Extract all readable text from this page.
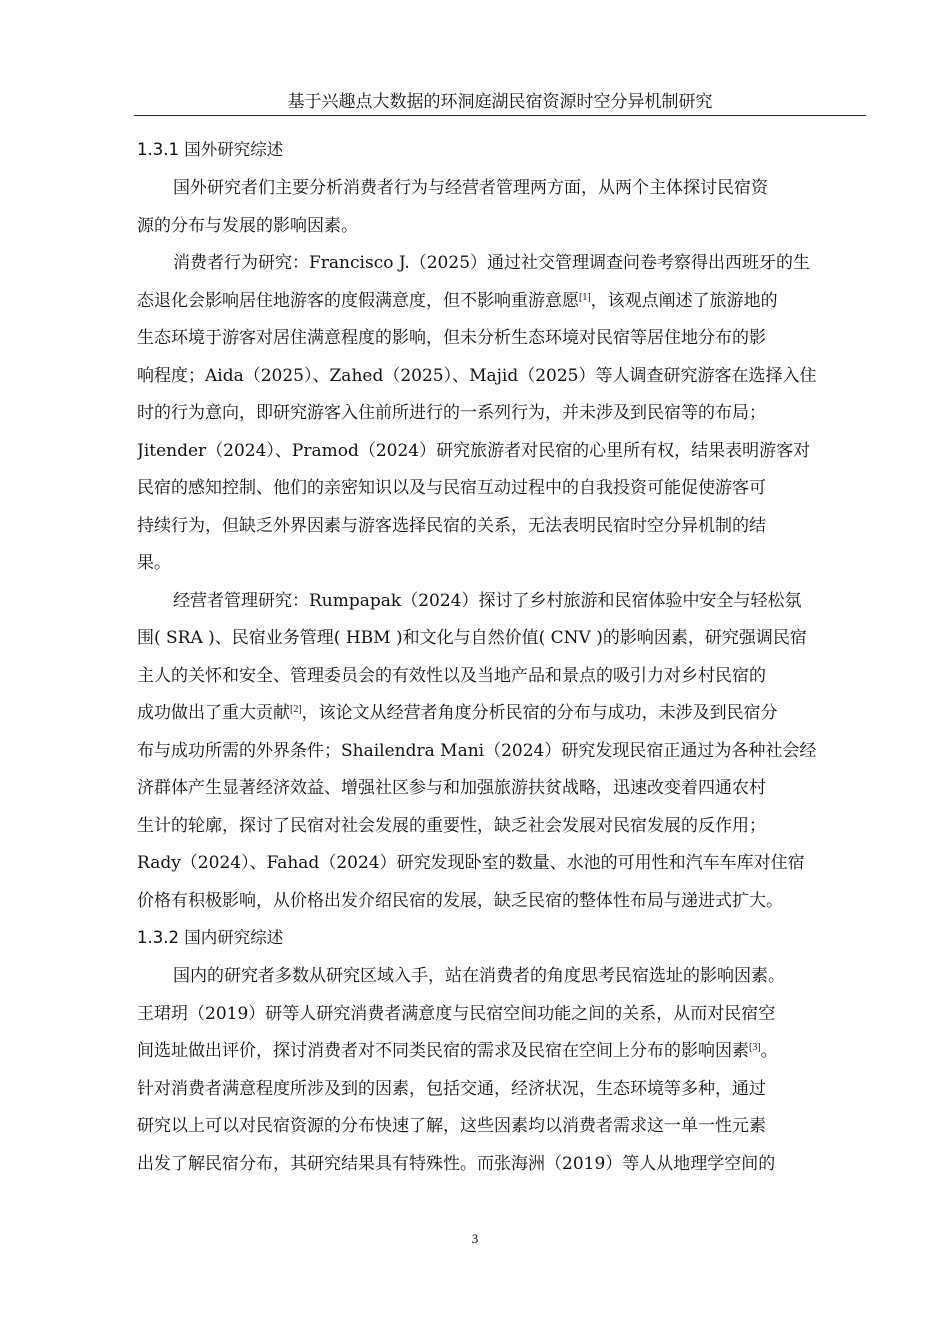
基于兴趣点大数据的环洞庭湖民宿资源时空分异机制研究
1.3.1 国外研究综述
国外研究者们主要分析消费者行为与经营者管理两方面，从两个主体探讨民宿资
源的分布与发展的影响因素。
消费者行为研究：Francisco J.（2025）通过社交管理调查问卷考察得出西班牙的生
态退化会影响居住地游客的度假满意度，但不影响重游意愿[1]，该观点阐述了旅游地的
生态环境于游客对居住满意程度的影响，但未分析生态环境对民宿等居住地分布的影
响程度；Aida（2025）、Zahed（2025）、Majid（2025）等人调查研究游客在选择入住
时的行为意向，即研究游客入住前所进行的一系列行为，并未涉及到民宿等的布局；
Jitender（2024）、Pramod（2024）研究旅游者对民宿的心里所有权，结果表明游客对
民宿的感知控制、他们的亲密知识以及与民宿互动过程中的自我投资可能促使游客可
持续行为，但缺乏外界因素与游客选择民宿的关系，无法表明民宿时空分异机制的结
果。
经营者管理研究：Rumpapak（2024）探讨了乡村旅游和民宿体验中安全与轻松氛
围( SRA )、民宿业务管理( HBM )和文化与自然价值( CNV )的影响因素，研究强调民宿
主人的关怀和安全、管理委员会的有效性以及当地产品和景点的吸引力对乡村民宿的
成功做出了重大贡献[2]，该论文从经营者角度分析民宿的分布与成功，未涉及到民宿分
布与成功所需的外界条件；Shailendra Mani（2024）研究发现民宿正通过为各种社会经
济群体产生显著经济效益、增强社区参与和加强旅游扶贫战略，迅速改变着四通农村
生计的轮廓，探讨了民宿对社会发展的重要性，缺乏社会发展对民宿发展的反作用；
Rady（2024）、Fahad（2024）研究发现卧室的数量、水池的可用性和汽车车库对住宿
价格有积极影响，从价格出发介绍民宿的发展，缺乏民宿的整体性布局与递进式扩大。
1.3.2 国内研究综述
国内的研究者多数从研究区域入手，站在消费者的角度思考民宿选址的影响因素。
王珺玥（2019）研等人研究消费者满意度与民宿空间功能之间的关系，从而对民宿空
间选址做出评价，探讨消费者对不同类民宿的需求及民宿在空间上分布的影响因素[3]。
针对消费者满意程度所涉及到的因素，包括交通，经济状况，生态环境等多种，通过
研究以上可以对民宿资源的分布快速了解，这些因素均以消费者需求这一单一性元素
出发了解民宿分布，其研究结果具有特殊性。而张海洲（2019）等人从地理学空间的
3
